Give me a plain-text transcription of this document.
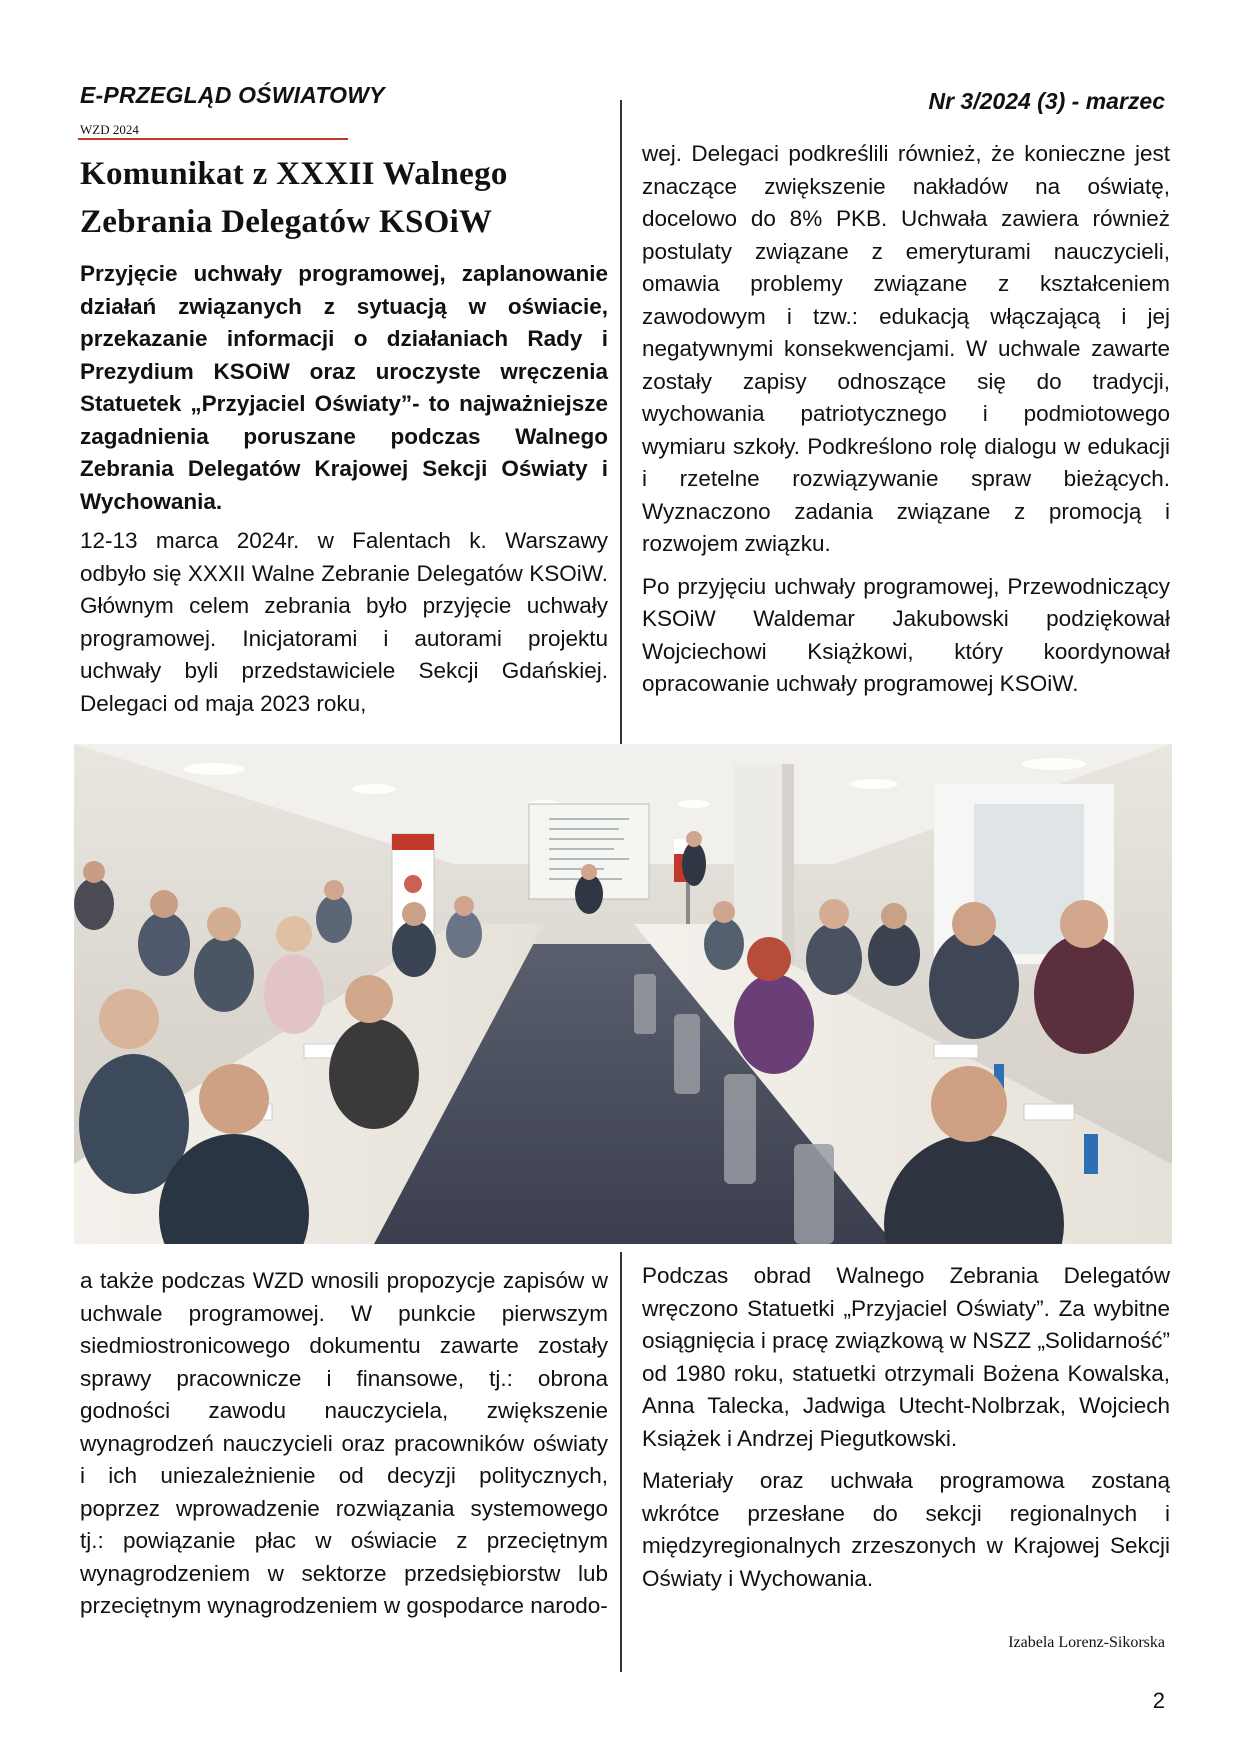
E-PRZEGLĄD OŚWIATOWY	Nr 3/2024 (3) - marzec
WZD 2024
Komunikat z XXXII Walnego Zebrania Delegatów KSOiW

Przyjęcie uchwały programowej, zaplanowanie działań związanych z sytuacją w oświacie, przekazanie informacji o działaniach Rady i Prezydium KSOiW oraz uroczyste wręczenia Statuetek „Przyjaciel Oświaty”- to najważniejsze zagadnienia poruszane podczas Walnego Zebrania Delegatów Krajowej Sekcji Oświaty i Wychowania.

12-13 marca 2024r. w Falentach k. Warszawy odbyło się XXXII Walne Zebranie Delegatów KSOiW. Głównym celem zebrania było przyjęcie uchwały programowej. Inicjatorami i autorami projektu uchwały byli przedstawiciele Sekcji Gdańskiej. Delegaci od maja 2023 roku,

wej. Delegaci podkreślili również, że konieczne jest znaczące zwiększenie nakładów na oświatę, docelowo do 8% PKB. Uchwała zawiera również postulaty związane z emeryturami nauczycieli, omawia problemy związane z kształceniem zawodowym i tzw.: edukacją włączającą i jej negatywnymi konsekwencjami. W uchwale zawarte zostały zapisy odnoszące się do tradycji, wychowania patriotycznego i podmiotowego wymiaru szkoły. Podkreślono rolę dialogu w edukacji i rzetelne rozwiązywanie spraw bieżących. Wyznaczono zadania związane z promocją i rozwojem związku.

Po przyjęciu uchwały programowej, Przewodniczący KSOiW Waldemar Jakubowski podziękował Wojciechowi Książkowi, który koordynował opracowanie uchwały programowej KSOiW.

a także podczas WZD wnosili propozycje zapisów w uchwale programowej. W punkcie pierwszym siedmiostronicowego dokumentu zawarte zostały sprawy pracownicze i finansowe, tj.: obrona godności zawodu nauczyciela, zwiększenie wynagrodzeń nauczycieli oraz pracowników oświaty i ich uniezależnienie od decyzji politycznych, poprzez wprowadzenie rozwiązania systemowego tj.: powiązanie płac w oświacie z przeciętnym wynagrodzeniem w sektorze przedsiębiorstw lub przeciętnym wynagrodzeniem w gospodarce narodo-

Podczas obrad Walnego Zebrania Delegatów wręczono Statuetki „Przyjaciel Oświaty”. Za wybitne osiągnięcia i pracę związkową w NSZZ „Solidarność” od 1980 roku, statuetki otrzymali Bożena Kowalska, Anna Talecka, Jadwiga Utecht-Nolbrzak, Wojciech Książek i Andrzej Piegutkowski.

Materiały oraz uchwała programowa zostaną wkrótce przesłane do sekcji regionalnych i międzyregionalnych zrzeszonych w Krajowej Sekcji Oświaty i Wychowania.

Izabela Lorenz-Sikorska
2
